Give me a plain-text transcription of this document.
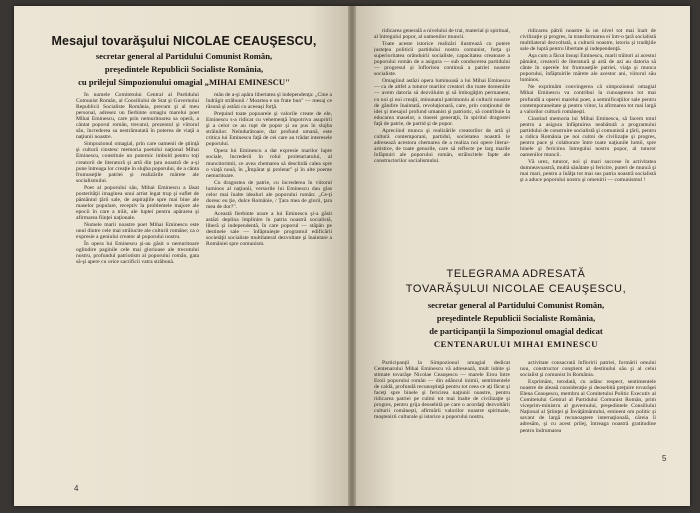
Mesajul tovarăşului NICOLAE CEAUŞESCU,
secretar general al Partidului Comunist Român,
preşedintele Republicii Socialiste România,
cu prilejul Simpozionului omagial „MIHAI EMINESCU"

În numele Comitetului Central al Partidului Comunist Român, al Consiliului de Stat şi Guvernului Republicii Socialiste România, precum şi al meu personal, adresez un fierbinte omagiu marelui poet Mihai Eminescu, care prin nemuritoarea sa operă, a cântat poporul român, trecutul, prezentul şi viitorul său, încrederea sa nestrămutată în puterea de viaţă a naţiunii noastre.

Simpozionul omagial, prin care oamenii de ştiinţă şi cultură cinstesc memoria poetului naţional Mihai Eminescu, constituie un puternic imbold pentru toţi creatorii de literatură şi artă din ţara noastră de a-şi pune întreaga lor creaţie în slujba poporului, de a cânta frumuseţile patriei şi realizările mărete ale socialismului.

Poet al poporului său, Mihai Eminescu a lăsat posterităţii imaginea unui artist legat trup şi suflet de pământul ţării sale, de aspiraţiile spre mai bine ale maselor populare, receptiv la problemele majore ale epocii în care a trăit, ale luptei pentru apărarea şi afirmarea fiinţei naţionale.

Numele marii noastre poet Mihai Eminescu este unul dintre cele mai strălucite ale culturii române; ca o expresie a geniului creator al poporului nostru.

În opera lui Eminescu şi-au găsit o nemuritoare oglindire paginile cele mai glorioase ale trecutului nostru, profundul patriotism al poporului român, gata să-şi apere cu orice sacrificii vatra străbună.

mân de a-şi apăra libertatea şi independenţa: „Cine a îndrăgit străbunii / Moartea e un frate bun" — mesaj ce răsună şi astăzi cu aceeaşi forţă.

Preţuind toate popoarele şi valorile create de ele, Eminescu s-a ridicat cu vehemenţă împotriva asupririi şi a celor ce au rupt de popor şi au pus în slujba străinilor. Neîndurătoare, dar profund umană, este critica lui Eminescu faţă de cei care au trădat interesele poporului.

Opera lui Eminescu a dat expresie marilor lupte sociale, încrederii în rolul proletariatului, al muncitorimii, ce avea chemarea să deschidă calea spre o viaţă nouă, în „Împărat şi proletar" şi în alte poeme nemuritoare.

Cu dragostea de patrie, cu încrederea în viitorul luminos al naţiunii, versurile lui Eminescu dau glas celor mai înalte idealuri ale poporului român: „Ce-ţi doresc eu ţie, dulce Românie, / Ţara mea de glorii, ţara mea de dor?".

Această fierbinte urare a lui Eminescu şi-a găsit astăzi deplina împlinire în patria noastră socialistă, liberă şi independentă, în care poporul — stăpân pe destinele sale — înfăptuieşte programul edificării societăţii socialiste multilateral dezvoltate şi înaintare a României spre comunism.

4

ridicarea generală a nivelului de trai, material şi spiritual, al întregului popor, al oamenilor muncii.

Toate aceste istorice realizări ilustrează cu putere justeţea politicii partidului nostru comunist, forţa şi superioritatea orânduirii socialiste, capacitatea creatoare a poporului român de a asigura — sub conducerea partidului — progresul şi înflorirea continuă a patriei noastre socialiste.

Omagiind astăzi opera luminoasă a lui Mihai Eminescu — ca de altfel a tuturor marilor creatori din toate domeniile — avem datoria să dezvăluim şi să îmbogăţim permanent, cu noi şi noi creaţii, minunatul patrimoniu al culturii noastre de gândire înaintată, revoluţionară, care, prin conţinutul de idei şi mesajul profund umanist şi patriotic, să contribuie la educarea maselor, a tinerei generaţii, în spiritul dragostei faţă de patrie, de partid şi de popor.

Apreciind munca şi realizările creatorilor de artă şi cultură contemporani, partidul, societatea noastră le adresează acestora chemarea de a realiza noi opere literar-artistice, de toate genurile, care să reflecte pe larg marile înfăptuiri ale poporului român, strălucitele fapte ale constructorilor socialismului.

ridicarea pătrii noastre la un nivel tot mai înalt de civilizaţie şi progres, la transformarea ei într-o ţară socialistă multilateral dezvoltată, a culturii noastre, istoria şi tradiţiile sale de luptă pentru libertate şi independenţă.

Aşa cum a făcut însuşi Eminescu, marii trăitori ai acestui pământ, creatorii de literatură şi artă de azi au datoria să cânte în operele lor frumuseţile patriei, viaţa şi munca poporului, înfăptuirile mărete ale acestor ani, viitorul său luminos.

Ne exprimăm convingerea că simpozionul omagial Mihai Eminescu va contribui la cunoaşterea tot mai profundă a operei marelui poet, a semnificaţiilor sale pentru contemporaneitate şi pentru viitor, la afirmarea tot mai largă a valorilor culturii româneşti.

Cinstind memoria lui Mihai Eminescu, să facem totul pentru a asigura înfăptuirea neabătută a programului partidului de construire socialistă şi comunistă a ţării, pentru a ridica România pe noi culmi de civilizaţie şi progres, pentru pace şi colaborare între toate naţiunile lumii, spre binele şi fericirea întregului nostru popor, al tuturor oamenilor muncii.

Vă urez, tuturor, noi şi mari succese în activitatea dumneavoastră, multă sănătate şi fericire, puteri de muncă şi mai mari, pentru a înălţa tot mai sus patria noastră socialistă şi a aduce poporului nostru şi omenirii — comunismul !

TELEGRAMA ADRESATĂ
TOVARĂŞULUI NICOLAE CEAUŞESCU,
secretar general al Partidului Comunist Român,
preşedintele Republicii Socialiste România,
de participanţii la Simpozionul omagial dedicat
CENTENARULUI MIHAI EMINESCU

Participanţii la Simpozionul omagial dedicat Centenarului Mihai Eminescu vă adresează, mult iubite şi stimate tovarăşe Nicolae Ceauşescu — marele Erou între Eroii poporului român — din adâncul inimii, sentimentele de caldă, profundă recunoştinţă pentru tot ceea ce aţi făcut şi faceţi spre binele şi fericirea naţiunii noastre, pentru ridicarea patriei pe culmi tot mai înalte de civilizaţie şi progres, pentru grija deosebită pe care o acordaţi dezvoltării culturii româneşti, afirmării valorilor noastre spirituale, moştenirii culturale şi istorice a poporului nostru.

activitate consacrată înfloririi patriei, formării omului nou, constructor conştient al destinului său şi al celui socialist şi comunist în România.

Exprimăm, totodată, cu adânc respect, sentimentele noastre de aleasă consideraţie şi deosebită preţuire tovarăşei Elena Ceauşescu, membru al Comitetului Politic Executiv al Comitetului Central al Partidului Comunist Român, prim viceprim-ministru al guvernului, preşedintele Consiliului Naţional al Ştiinţei şi Învăţământului, eminent om politic şi savant de largă recunoaştere internaţională, căreia îi adresăm, şi cu acest prilej, întreaga noastră gratitudine pentru îndrumarea

5
